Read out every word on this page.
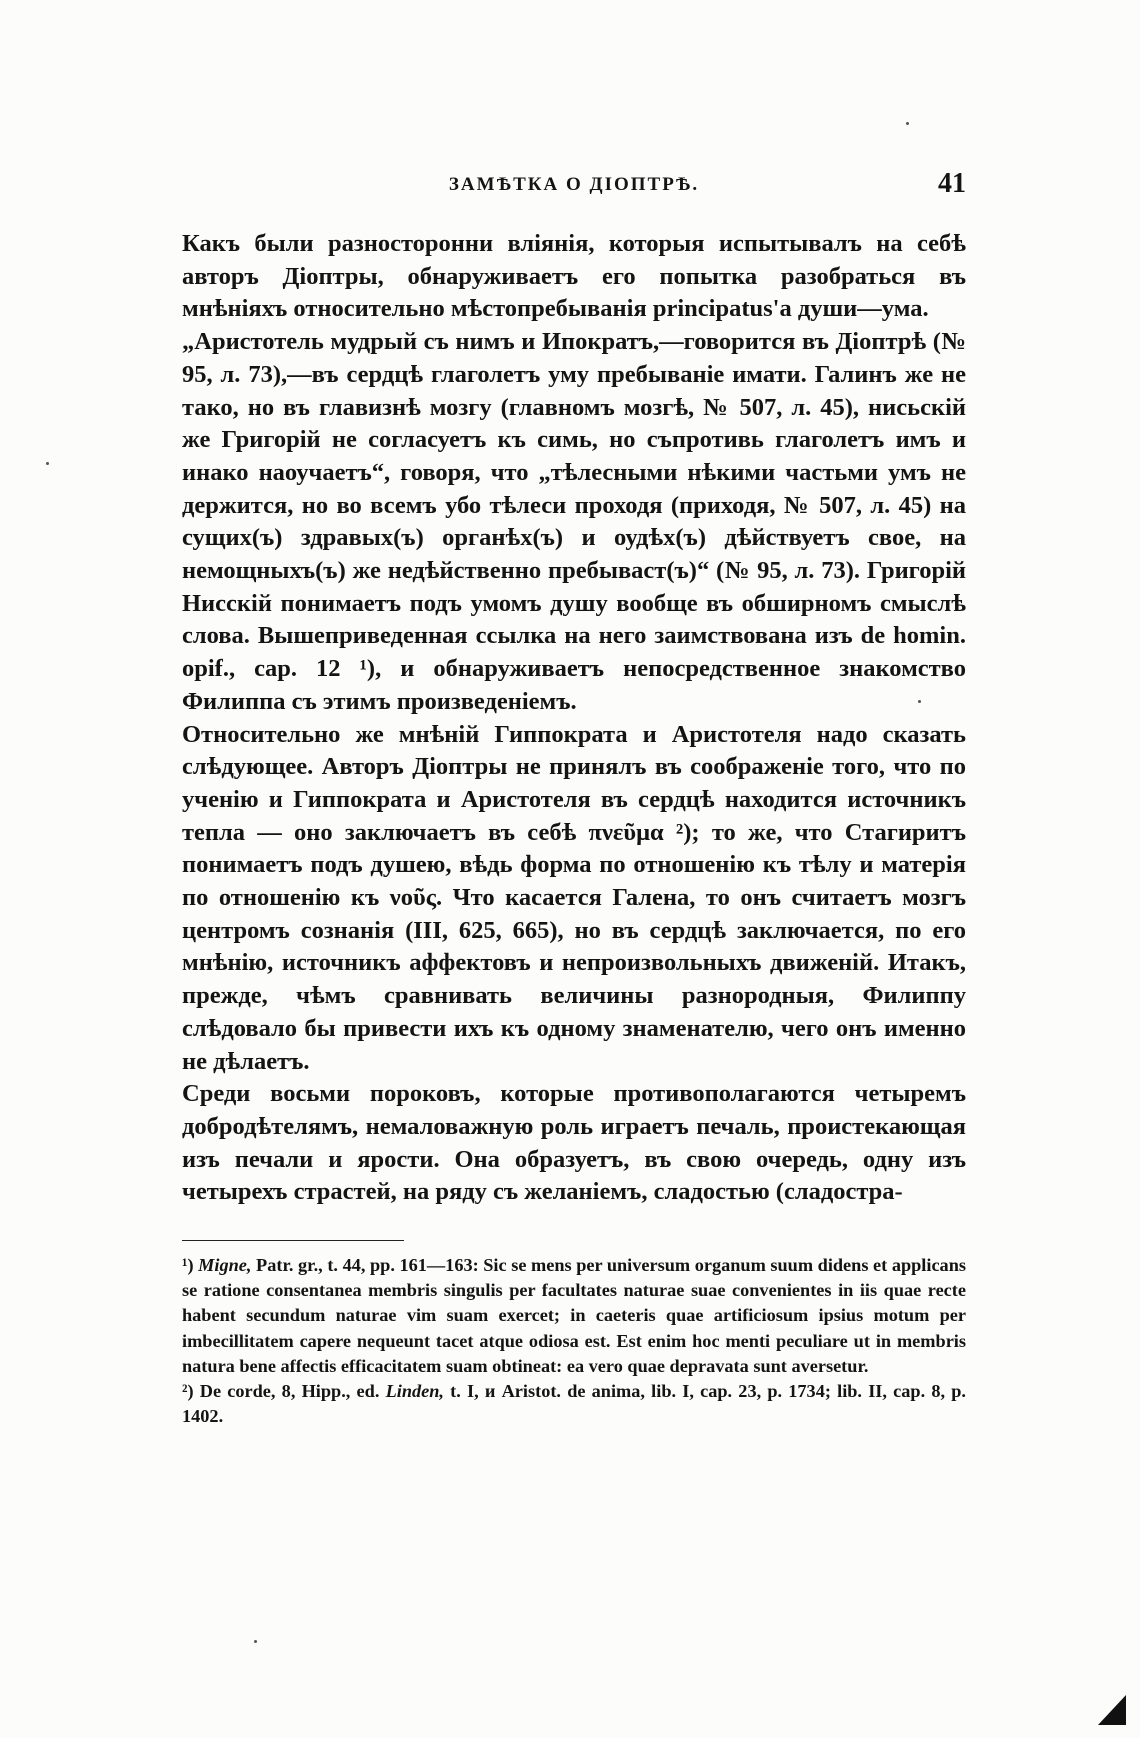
ЗАМѢТКА О ДІОПТРѢ.	41

Какъ были разносторонни вліянія, которыя испытывалъ на себѣ авторъ Діоптры, обнаруживаетъ его попытка разобраться въ мнѣніяхъ относительно мѣстопребыванія principatus'а души—ума.

„Аристотель мудрый съ нимъ и Ипократъ,—говорится въ Діоптрѣ (№ 95, л. 73),—въ сердцѣ глаголетъ уму пребываніе имати. Галинъ же не тако, но въ главизнѣ мозгу (главномъ мозгѣ, № 507, л. 45), нисьскій же Григорій не согласуетъ къ симь, но съпротивь глаголетъ имъ и инако наоучаетъ“, говоря, что „тѣлесными нѣкими частьми умъ не держится, но во всемъ убо тѣлеси проходя (приходя, № 507, л. 45) на сущих(ъ) здравых(ъ) органѣх(ъ) и оудѣх(ъ) дѣйствуетъ свое, на немощныхъ(ъ) же недѣйственно пребываст(ъ)“ (№ 95, л. 73). Григорій Нисскій понимаетъ подъ умомъ душу вообще въ обширномъ смыслѣ слова. Вышеприведенная ссылка на него заимствована изъ de homin. opif., cap. 12 ¹), и обнаруживаетъ непосредственное знакомство Филиппа съ этимъ произведеніемъ.

Относительно же мнѣній Гиппократа и Аристотеля надо сказать слѣдующее. Авторъ Діоптры не принялъ въ соображеніе того, что по ученію и Гиппократа и Аристотеля въ сердцѣ находится источникъ тепла — оно заключаетъ въ себѣ πνεῦμα ²); то же, что Стагиритъ понимаетъ подъ душею, вѣдь форма по отношенію къ тѣлу и матерія по отношенію къ νοῦς. Что касается Галена, то онъ считаетъ мозгъ центромъ сознанія (III, 625, 665), но въ сердцѣ заключается, по его мнѣнію, источникъ аффектовъ и непроизвольныхъ движеній. Итакъ, прежде, чѣмъ сравнивать величины разнородныя, Филиппу слѣдовало бы привести ихъ къ одному знаменателю, чего онъ именно не дѣлаетъ.

Среди восьми пороковъ, которые противополагаются четыремъ добродѣтелямъ, немаловажную роль играетъ печаль, проистекающая изъ печали и ярости. Она образуетъ, въ свою очередь, одну изъ четырехъ страстей, на ряду съ желаніемъ, сладостью (сладостра-

¹) Migne, Patr. gr., t. 44, pp. 161—163: Sic se mens per universum organum suum didens et applicans se ratione consentanea membris singulis per facultates naturae suae convenientes in iis quae recte habent secundum naturae vim suam exercet; in caeteris quae artificiosum ipsius motum per imbecillitatem capere nequeunt tacet atque odiosa est. Est enim hoc menti peculiare ut in membris natura bene affectis efficacitatem suam obtineat: ea vero quae depravata sunt aversetur.

²) De corde, 8, Hipp., ed. Linden, t. I, и Aristot. de anima, lib. I, cap. 23, p. 1734; lib. II, cap. 8, p. 1402.
